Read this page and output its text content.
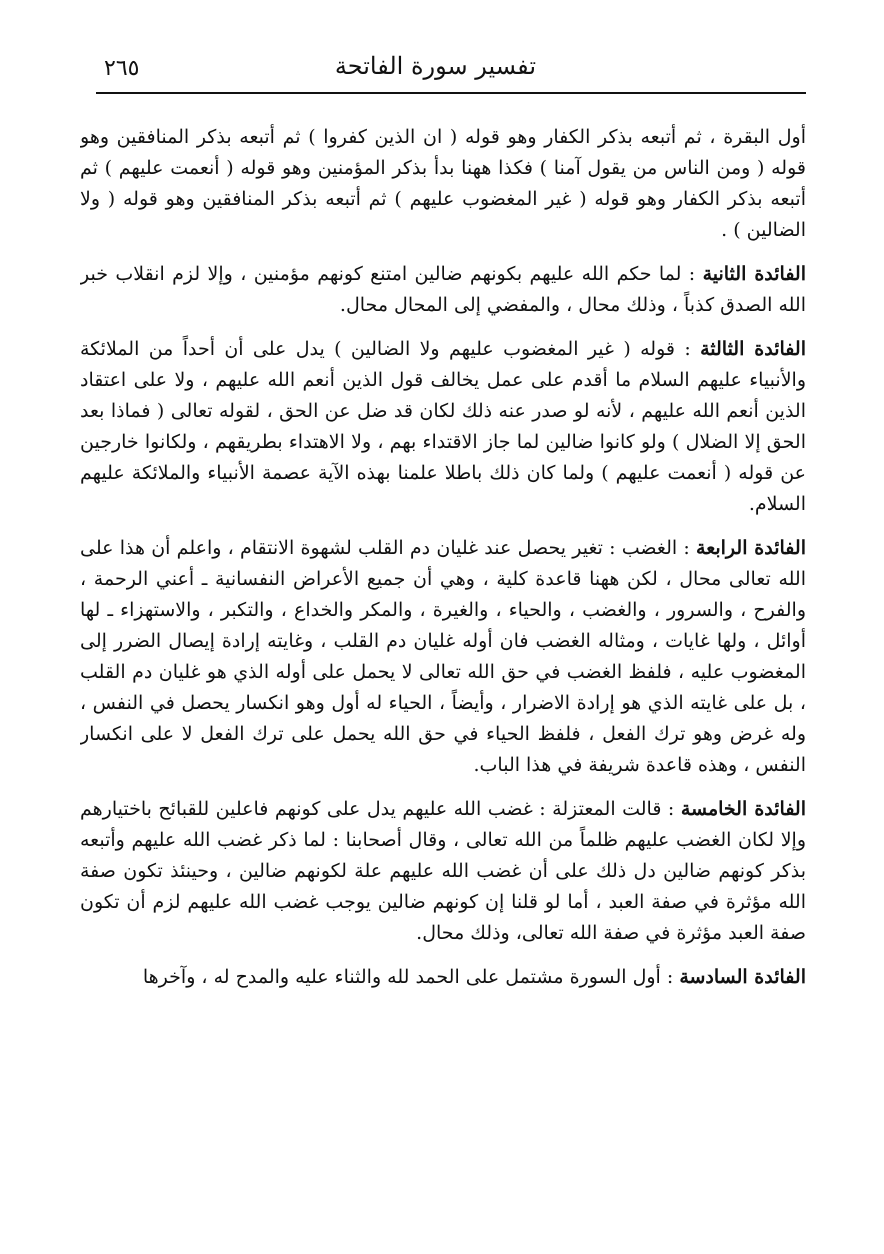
تفسير سورة الفاتحة
٢٦٥

أول البقرة ، ثم أتبعه بذكر الكفار وهو قوله ( ان الذين كفروا ) ثم أتبعه بذكر المنافقين وهو قوله ( ومن الناس من يقول آمنا ) فكذا ههنا بدأ بذكر المؤمنين وهو قوله ( أنعمت عليهم ) ثم أتبعه بذكر الكفار وهو قوله ( غير المغضوب عليهم ) ثم أتبعه بذكر المنافقين وهو قوله ( ولا الضالين ) .

الفائدة الثانية : لما حكم الله عليهم بكونهم ضالين امتنع كونهم مؤمنين ، وإلا لزم انقلاب خبر الله الصدق كذباً ، وذلك محال ، والمفضي إلى المحال محال.

الفائدة الثالثة : قوله ( غير المغضوب عليهم ولا الضالين ) يدل على أن أحداً من الملائكة والأنبياء عليهم السلام ما أقدم على عمل يخالف قول الذين أنعم الله عليهم ، ولا على اعتقاد الذين أنعم الله عليهم ، لأنه لو صدر عنه ذلك لكان قد ضل عن الحق ، لقوله تعالى ( فماذا بعد الحق إلا الضلال ) ولو كانوا ضالين لما جاز الاقتداء بهم ، ولا الاهتداء بطريقهم ، ولكانوا خارجين عن قوله ( أنعمت عليهم ) ولما كان ذلك باطلا علمنا بهذه الآية عصمة الأنبياء والملائكة عليهم السلام.

الفائدة الرابعة : الغضب : تغير يحصل عند غليان دم القلب لشهوة الانتقام ، واعلم أن هذا على الله تعالى محال ، لكن ههنا قاعدة كلية ، وهي أن جميع الأعراض النفسانية ـ أعني الرحمة ، والفرح ، والسرور ، والغضب ، والحياء ، والغيرة ، والمكر والخداع ، والتكبر ، والاستهزاء ـ لها أوائل ، ولها غايات ، ومثاله الغضب فان أوله غليان دم القلب ، وغايته إرادة إيصال الضرر إلى المغضوب عليه ، فلفظ الغضب في حق الله تعالى لا يحمل على أوله الذي هو غليان دم القلب ، بل على غايته الذي هو إرادة الاضرار ، وأيضاً ، الحياء له أول وهو انكسار يحصل في النفس ، وله غرض وهو ترك الفعل ، فلفظ الحياء في حق الله يحمل على ترك الفعل لا على انكسار النفس ، وهذه قاعدة شريفة في هذا الباب.

الفائدة الخامسة : قالت المعتزلة : غضب الله عليهم يدل على كونهم فاعلين للقبائح باختيارهم وإلا لكان الغضب عليهم ظلماً من الله تعالى ، وقال أصحابنا : لما ذكر غضب الله عليهم وأتبعه بذكر كونهم ضالين دل ذلك على أن غضب الله عليهم علة لكونهم ضالين ، وحينئذ تكون صفة الله مؤثرة في صفة العبد ، أما لو قلنا إن كونهم ضالين يوجب غضب الله عليهم لزم أن تكون صفة العبد مؤثرة في صفة الله تعالى، وذلك محال.

الفائدة السادسة : أول السورة مشتمل على الحمد لله والثناء عليه والمدح له ، وآخرها
